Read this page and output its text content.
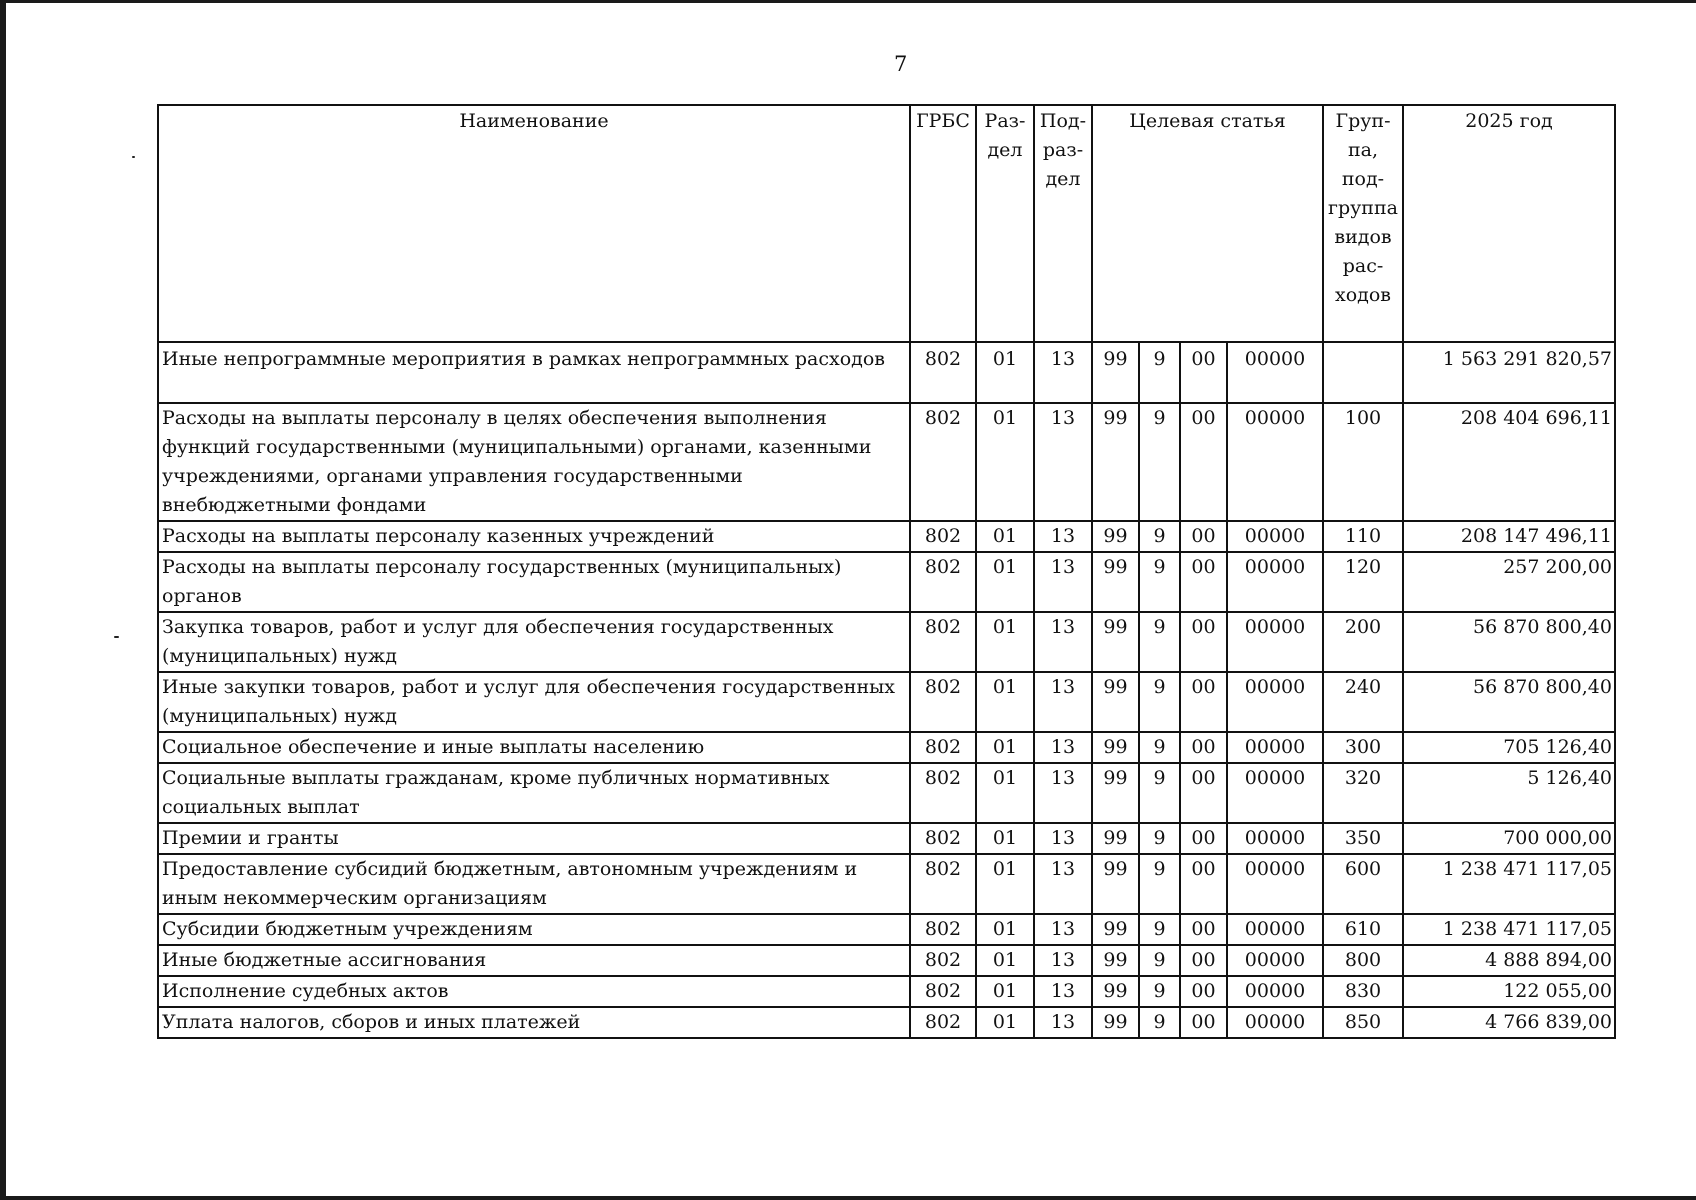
7
Наименование	ГРБС	Раз-дел	Под-раз-дел	Целевая статья				Груп-па, под-группа видов рас-ходов	2025 год
Иные непрограммные мероприятия в рамках непрограммных расходов	802	01	13	99	9	00	00000		1 563 291 820,57
Расходы на выплаты персоналу в целях обеспечения выполнения функций государственными (муниципальными) органами, казенными учреждениями, органами управления государственными внебюджетными фондами	802	01	13	99	9	00	00000	100	208 404 696,11
Расходы на выплаты персоналу казенных учреждений	802	01	13	99	9	00	00000	110	208 147 496,11
Расходы на выплаты персоналу государственных (муниципальных) органов	802	01	13	99	9	00	00000	120	257 200,00
Закупка товаров, работ и услуг для обеспечения государственных (муниципальных) нужд	802	01	13	99	9	00	00000	200	56 870 800,40
Иные закупки товаров, работ и услуг для обеспечения государственных (муниципальных) нужд	802	01	13	99	9	00	00000	240	56 870 800,40
Социальное обеспечение и иные выплаты населению	802	01	13	99	9	00	00000	300	705 126,40
Социальные выплаты гражданам, кроме публичных нормативных социальных выплат	802	01	13	99	9	00	00000	320	5 126,40
Премии и гранты	802	01	13	99	9	00	00000	350	700 000,00
Предоставление субсидий бюджетным, автономным учреждениям и иным некоммерческим организациям	802	01	13	99	9	00	00000	600	1 238 471 117,05
Субсидии бюджетным учреждениям	802	01	13	99	9	00	00000	610	1 238 471 117,05
Иные бюджетные ассигнования	802	01	13	99	9	00	00000	800	4 888 894,00
Исполнение судебных актов	802	01	13	99	9	00	00000	830	122 055,00
Уплата налогов, сборов и иных платежей	802	01	13	99	9	00	00000	850	4 766 839,00
